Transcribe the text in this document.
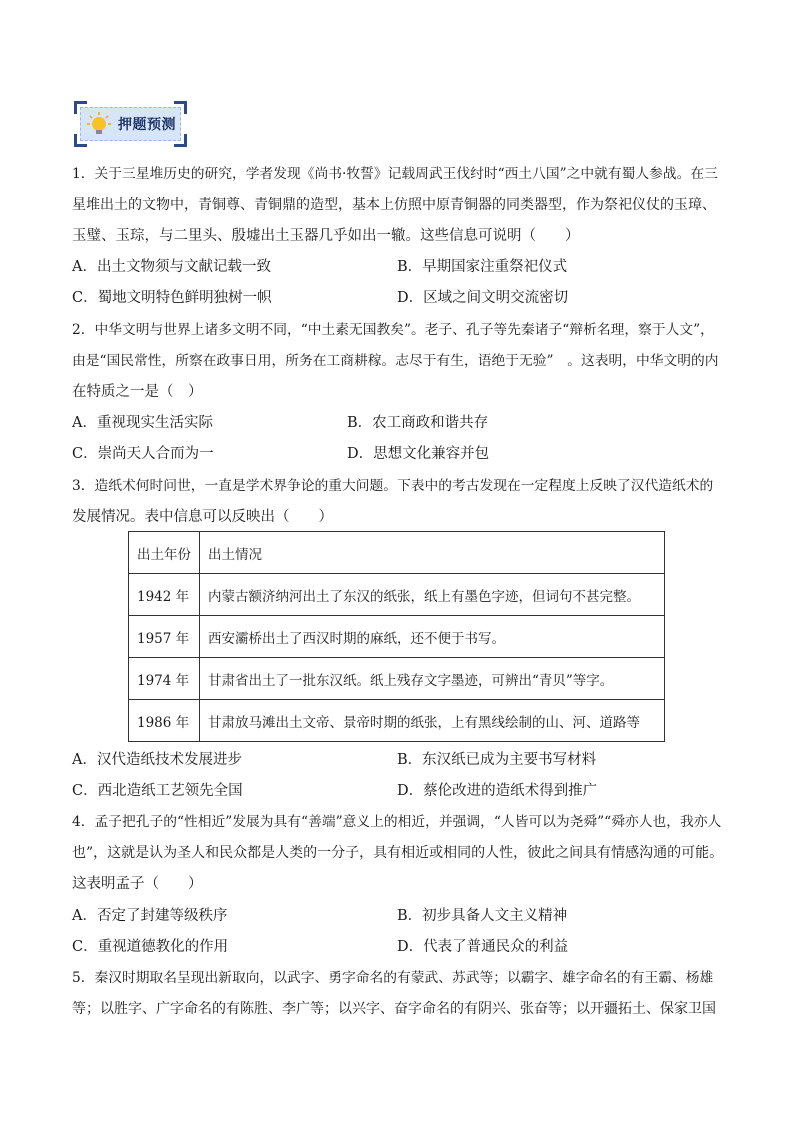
押题预测
1．关于三星堆历史的研究，学者发现《尚书·牧誓》记载周武王伐纣时“西土八国”之中就有蜀人参战。在三
星堆出土的文物中，青铜尊、青铜鼎的造型，基本上仿照中原青铜器的同类器型，作为祭祀仪仗的玉璋、
玉璧、玉琮，与二里头、殷墟出土玉器几乎如出一辙。这些信息可说明（　　）
A．出土文物须与文献记载一致	B．早期国家注重祭祀仪式
C．蜀地文明特色鲜明独树一帜	D．区域之间文明交流密切
2．中华文明与世界上诸多文明不同，“中土素无国教矣”。老子、孔子等先秦诸子“辩析名理，察于人文”，
由是“国民常性，所察在政事日用，所务在工商耕稼。志尽于有生，语绝于无验”　。这表明，中华文明的内
在特质之一是（　）
A．重视现实生活实际	B．农工商政和谐共存
C．崇尚天人合而为一	D．思想文化兼容并包
3．造纸术何时问世，一直是学术界争论的重大问题。下表中的考古发现在一定程度上反映了汉代造纸术的
发展情况。表中信息可以反映出（　　）
出土年份	出土情况
1942 年	内蒙古额济纳河出土了东汉的纸张，纸上有墨色字迹，但词句不甚完整。
1957 年	西安灞桥出土了西汉时期的麻纸，还不便于书写。
1974 年	甘肃省出土了一批东汉纸。纸上残存文字墨迹，可辨出“青贝”等字。
1986 年	甘肃放马滩出土文帝、景帝时期的纸张，上有黑线绘制的山、河、道路等
A．汉代造纸技术发展进步	B．东汉纸已成为主要书写材料
C．西北造纸工艺领先全国	D．蔡伦改进的造纸术得到推广
4．孟子把孔子的“性相近”发展为具有“善端”意义上的相近，并强调，“人皆可以为尧舜”“舜亦人也，我亦人
也”，这就是认为圣人和民众都是人类的一分子，具有相近或相同的人性，彼此之间具有情感沟通的可能。
这表明孟子（　　）
A．否定了封建等级秩序	B．初步具备人文主义精神
C．重视道德教化的作用	D．代表了普通民众的利益
5．秦汉时期取名呈现出新取向，以武字、勇字命名的有蒙武、苏武等；以霸字、雄字命名的有王霸、杨雄
等；以胜字、广字命名的有陈胜、李广等；以兴字、奋字命名的有阴兴、张奋等；以开疆拓土、保家卫国
